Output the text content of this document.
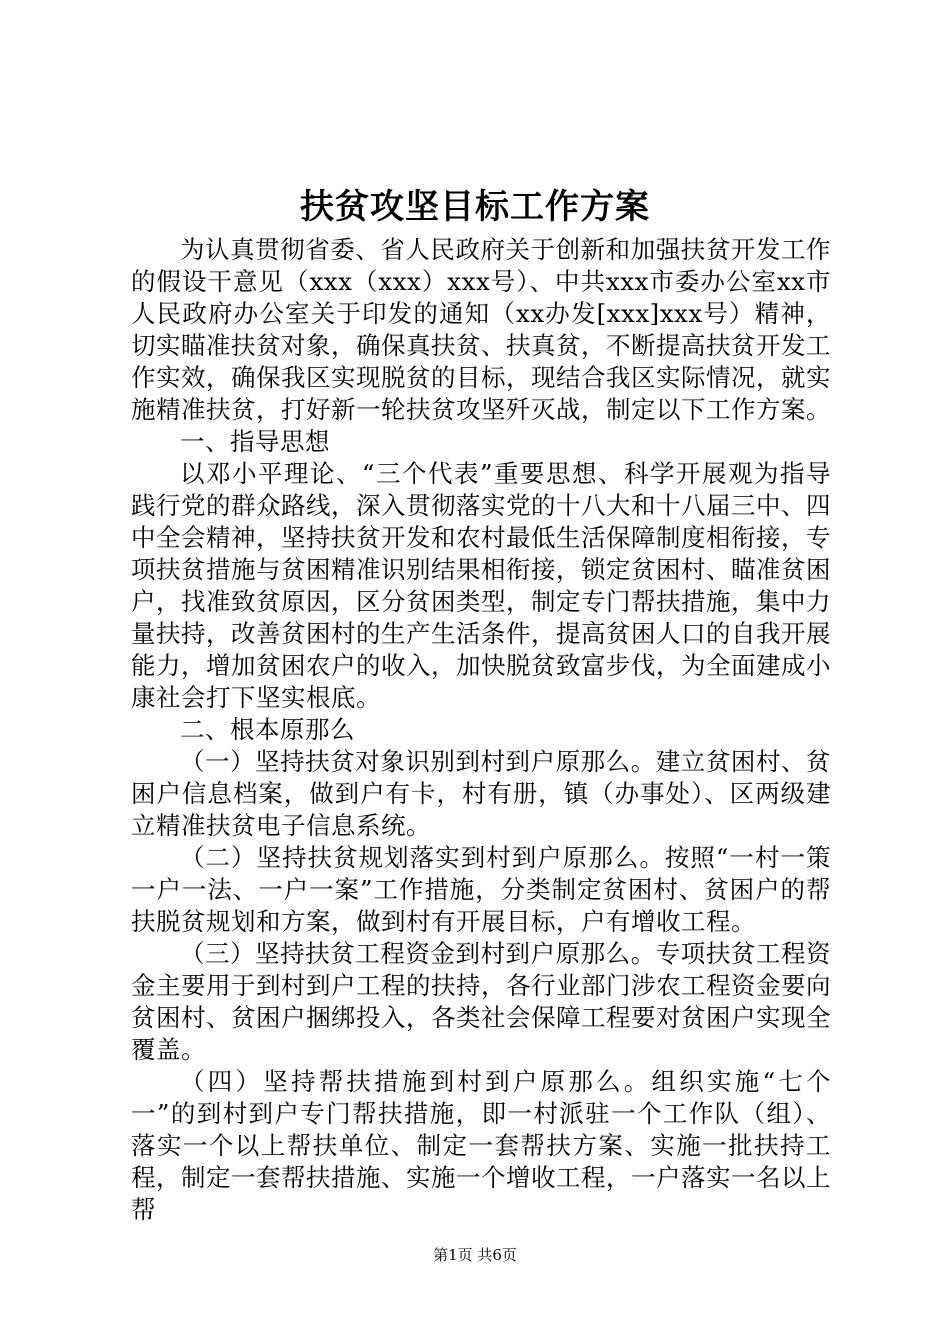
扶贫攻坚目标工作方案

为认真贯彻省委、省人民政府关于创新和加强扶贫开发工作的假设干意见（xxx（xxx）xxx号）、中共xxx市委办公室xx市人民政府办公室关于印发的通知（xx办发[xxx]xxx号）精神，切实瞄准扶贫对象，确保真扶贫、扶真贫，不断提高扶贫开发工作实效，确保我区实现脱贫的目标，现结合我区实际情况，就实施精准扶贫，打好新一轮扶贫攻坚歼灭战，制定以下工作方案。

一、指导思想

以邓小平理论、“三个代表”重要思想、科学开展观为指导践行党的群众路线，深入贯彻落实党的十八大和十八届三中、四中全会精神，坚持扶贫开发和农村最低生活保障制度相衔接，专项扶贫措施与贫困精准识别结果相衔接，锁定贫困村、瞄准贫困户，找准致贫原因，区分贫困类型，制定专门帮扶措施，集中力量扶持，改善贫困村的生产生活条件，提高贫困人口的自我开展能力，增加贫困农户的收入，加快脱贫致富步伐，为全面建成小康社会打下坚实根底。

二、根本原那么

（一）坚持扶贫对象识别到村到户原那么。建立贫困村、贫困户信息档案，做到户有卡，村有册，镇（办事处）、区两级建立精准扶贫电子信息系统。

（二）坚持扶贫规划落实到村到户原那么。按照“一村一策一户一法、一户一案”工作措施，分类制定贫困村、贫困户的帮扶脱贫规划和方案，做到村有开展目标，户有增收工程。

（三）坚持扶贫工程资金到村到户原那么。专项扶贫工程资金主要用于到村到户工程的扶持，各行业部门涉农工程资金要向贫困村、贫困户捆绑投入，各类社会保障工程要对贫困户实现全覆盖。

（四）坚持帮扶措施到村到户原那么。组织实施“七个一”的到村到户专门帮扶措施，即一村派驻一个工作队（组）、落实一个以上帮扶单位、制定一套帮扶方案、实施一批扶持工程，制定一套帮扶措施、实施一个增收工程，一户落实一名以上帮

第1页 共6页
